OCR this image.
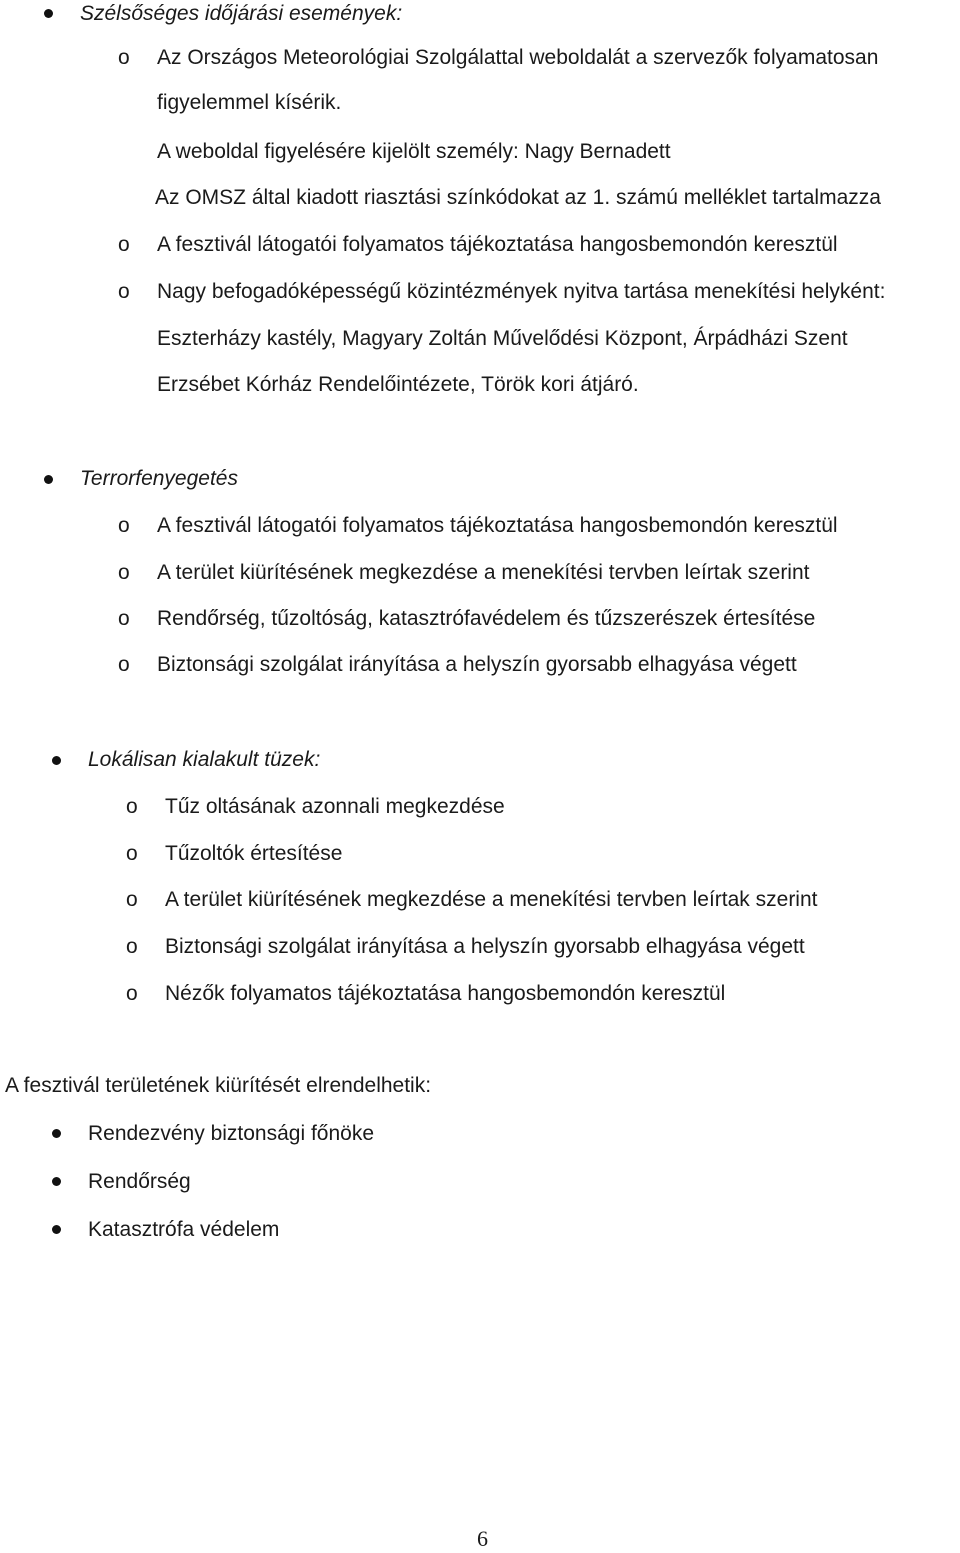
Szélsőséges időjárási események:
o Az Országos Meteorológiai Szolgálattal weboldalát a szervezők folyamatosan
figyelemmel kísérik.
A weboldal figyelésére kijelölt személy: Nagy Bernadett
Az OMSZ által kiadott riasztási színkódokat az 1. számú melléklet tartalmazza
o A fesztivál látogatói folyamatos tájékoztatása hangosbemondón keresztül
o Nagy befogadóképességű közintézmények nyitva tartása menekítési helyként:
Eszterházy kastély, Magyary Zoltán Művelődési Központ, Árpádházi Szent
Erzsébet Kórház Rendelőintézete, Török kori átjáró.
Terrorfenyegetés
o A fesztivál látogatói folyamatos tájékoztatása hangosbemondón keresztül
o A terület kiürítésének megkezdése a menekítési tervben leírtak szerint
o Rendőrség, tűzoltóság, katasztrófavédelem és tűzszerészek értesítése
o Biztonsági szolgálat irányítása a helyszín gyorsabb elhagyása végett
Lokálisan kialakult tüzek:
o Tűz oltásának azonnali megkezdése
o Tűzoltók értesítése
o A terület kiürítésének megkezdése a menekítési tervben leírtak szerint
o Biztonsági szolgálat irányítása a helyszín gyorsabb elhagyása végett
o Nézők folyamatos tájékoztatása hangosbemondón keresztül
A fesztivál területének kiürítését elrendelhetik:
Rendezvény biztonsági főnöke
Rendőrség
Katasztrófa védelem
6
